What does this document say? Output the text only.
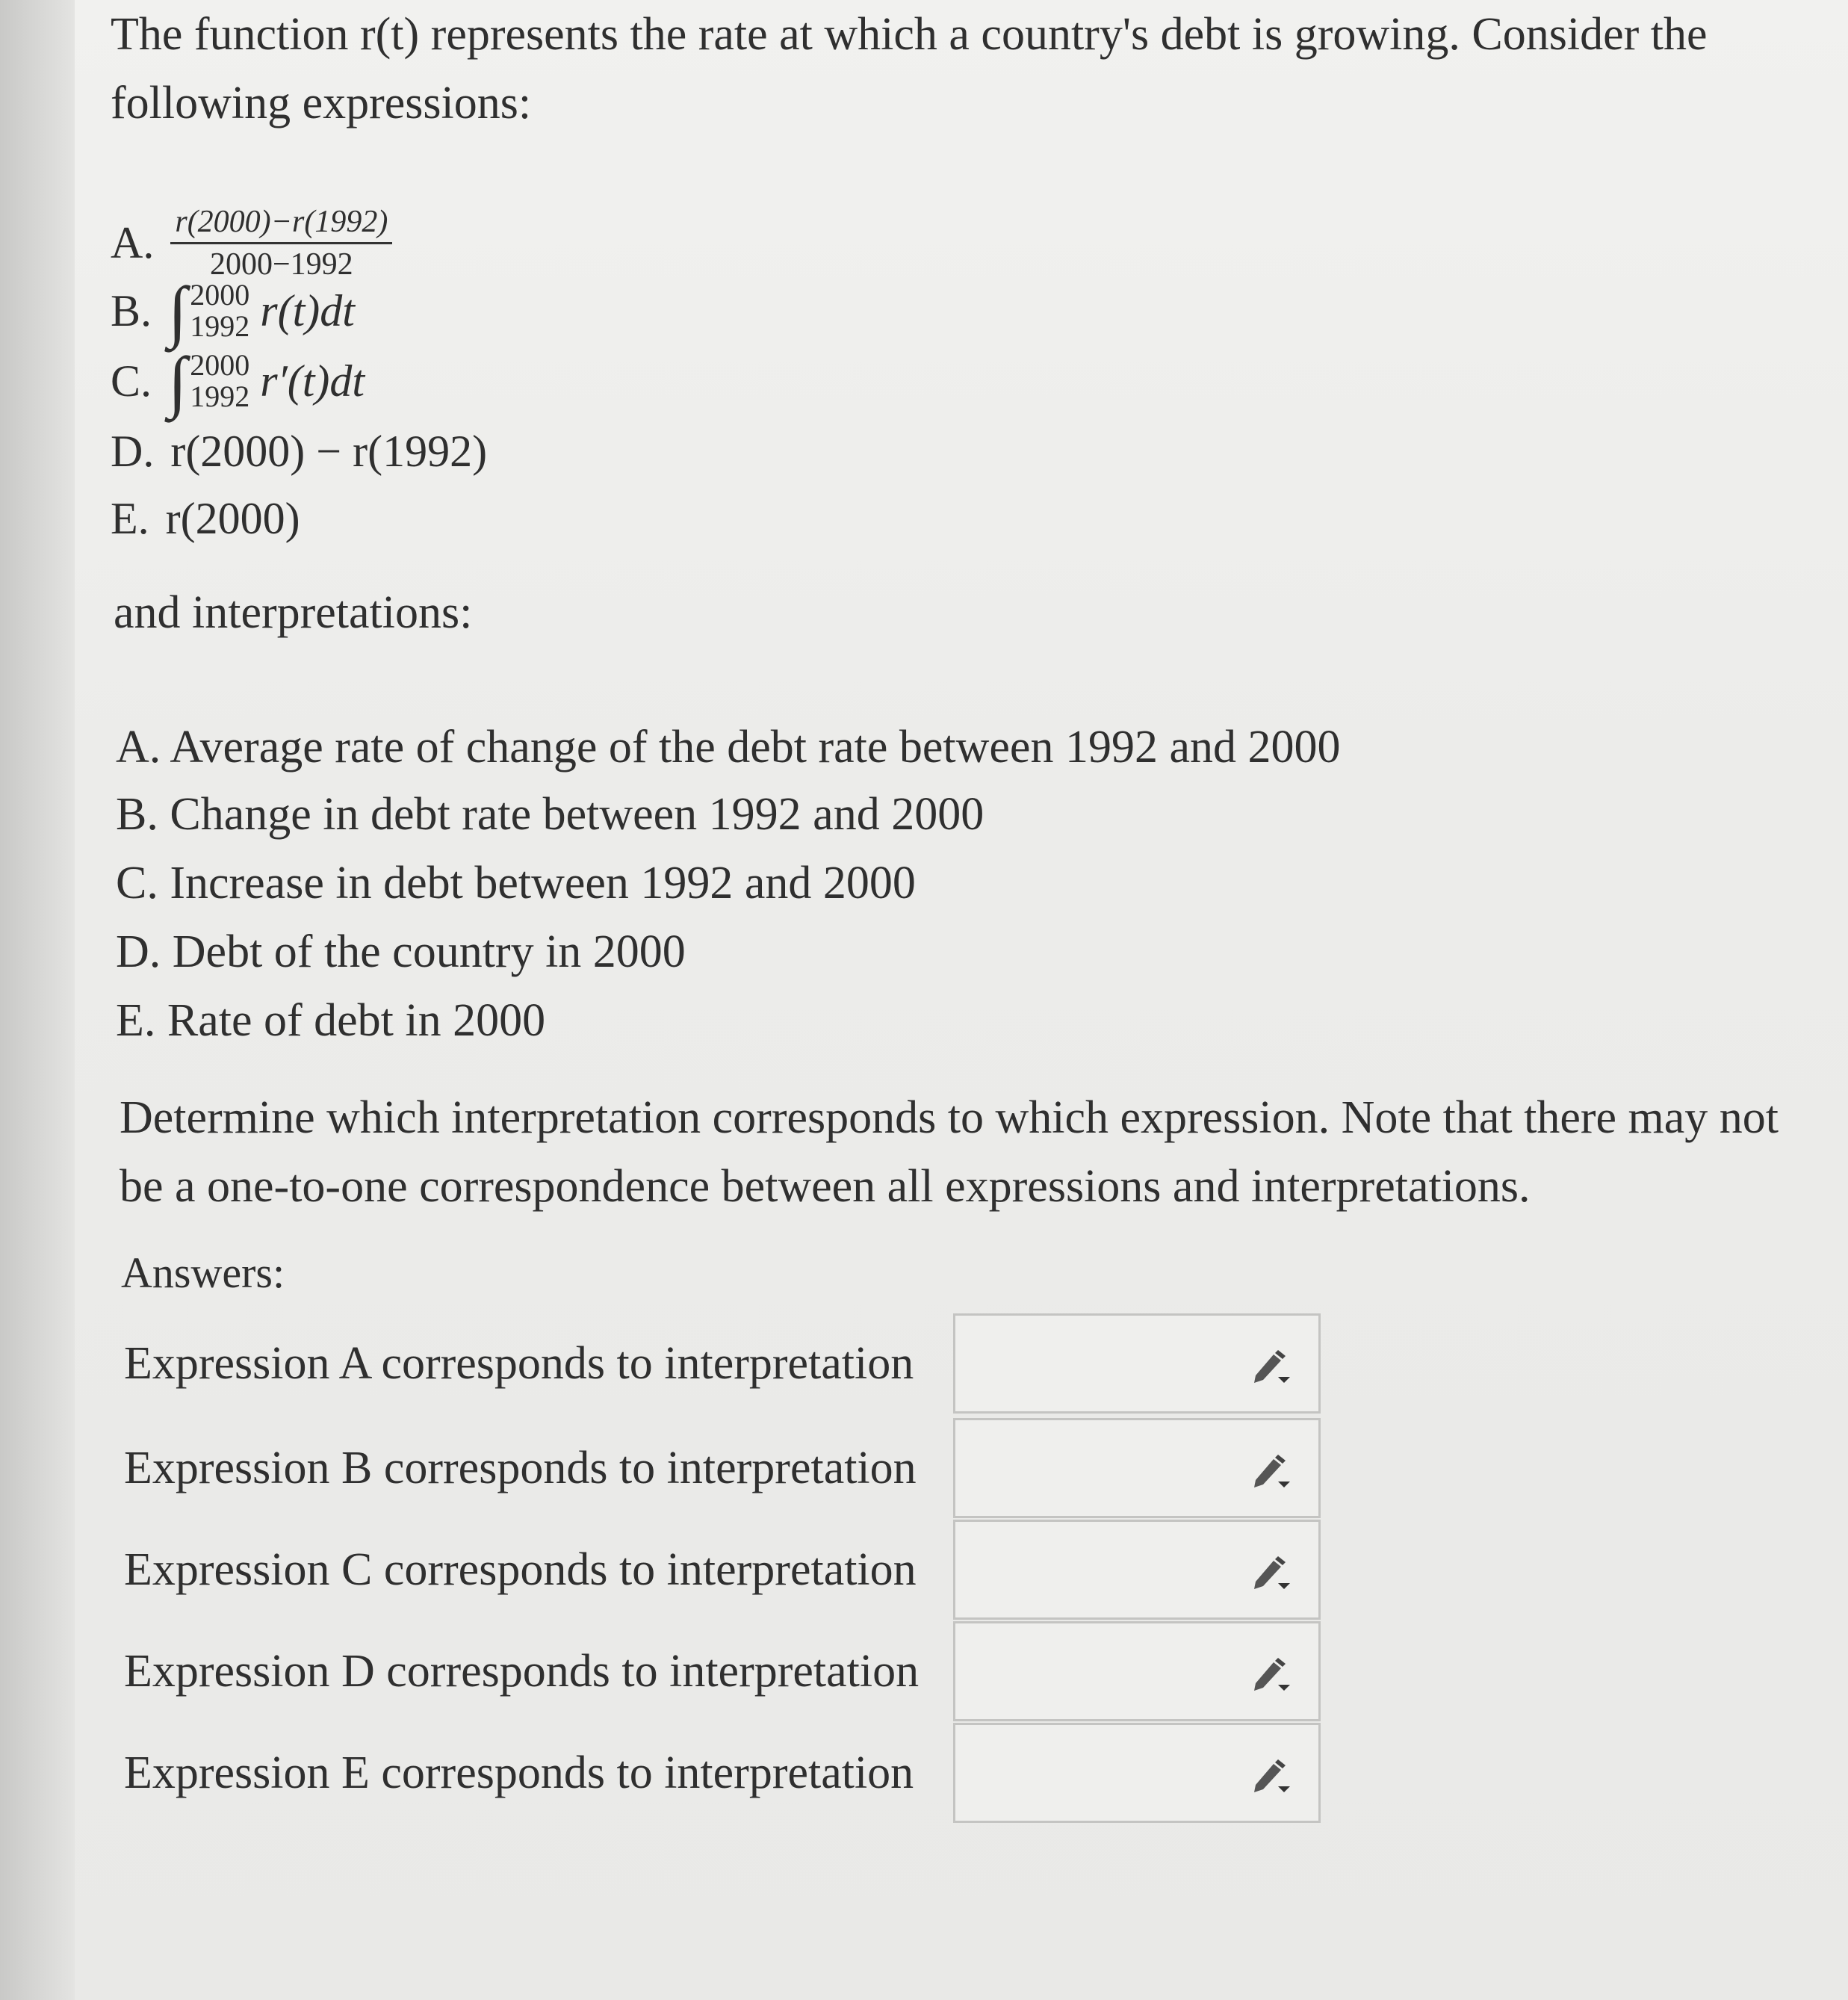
The function r(t) represents the rate at which a country's debt is growing. Consider the following expressions:

A. $\frac{r(2000)-r(1992)}{2000-1992}$
B. ∫ 2000
1992 r(t)dt
C. ∫ 2000
1992 r′(t)dt
D. r(2000) − r(1992)
E. r(2000)
and interpretations:
A. Average rate of change of the debt rate between 1992 and 2000
B. Change in debt rate between 1992 and 2000
C. Increase in debt between 1992 and 2000
D. Debt of the country in 2000
E. Rate of debt in 2000

Determine which interpretation corresponds to which expression. Note that there may not be a one-to-one correspondence between all expressions and interpretations.

Answers:
Expression A corresponds to interpretation
Expression B corresponds to interpretation
Expression C corresponds to interpretation
Expression D corresponds to interpretation
Expression E corresponds to interpretation
